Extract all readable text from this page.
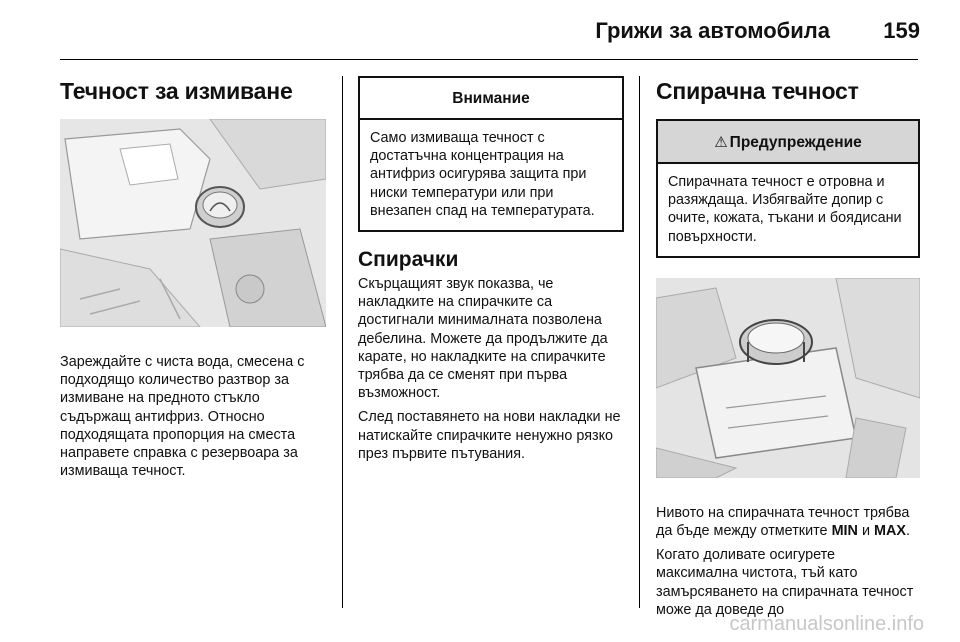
Грижи за автомобила 159
Течност за измиване

Зареждайте с чиста вода, смесена с подходящо количество разтвор за измиване на предното стъкло съдържащ антифриз. Относно подходящата пропорция на сместа направете справка с резервоара за измиваща течност.

Внимание
Само измиваща течност с достатъчна концентрация на антифриз осигурява защита при ниски температури или при внезапен спад на температурата.
Спирачки

Скърцащият звук показва, че накладките на спирачките са достигнали минималната позволена дебелина. Можете да продължите да карате, но накладките на спирачките трябва да се сменят при първа възможност.

След поставянето на нови накладки не натискайте спирачките ненужно рязко през първите пътувания.

Спирачна течност
⚠ Предупреждение
Спирачната течност е отровна и разяждаща. Избягвайте допир с очите, кожата, тъкани и боядисани повърхности.

Нивото на спирачната течност трябва да бъде между отметките MIN и MAX.

Когато доливате осигурете максимална чистота, тъй като замърсяването на спирачната течност може да доведе до

carmanualsonline.info
